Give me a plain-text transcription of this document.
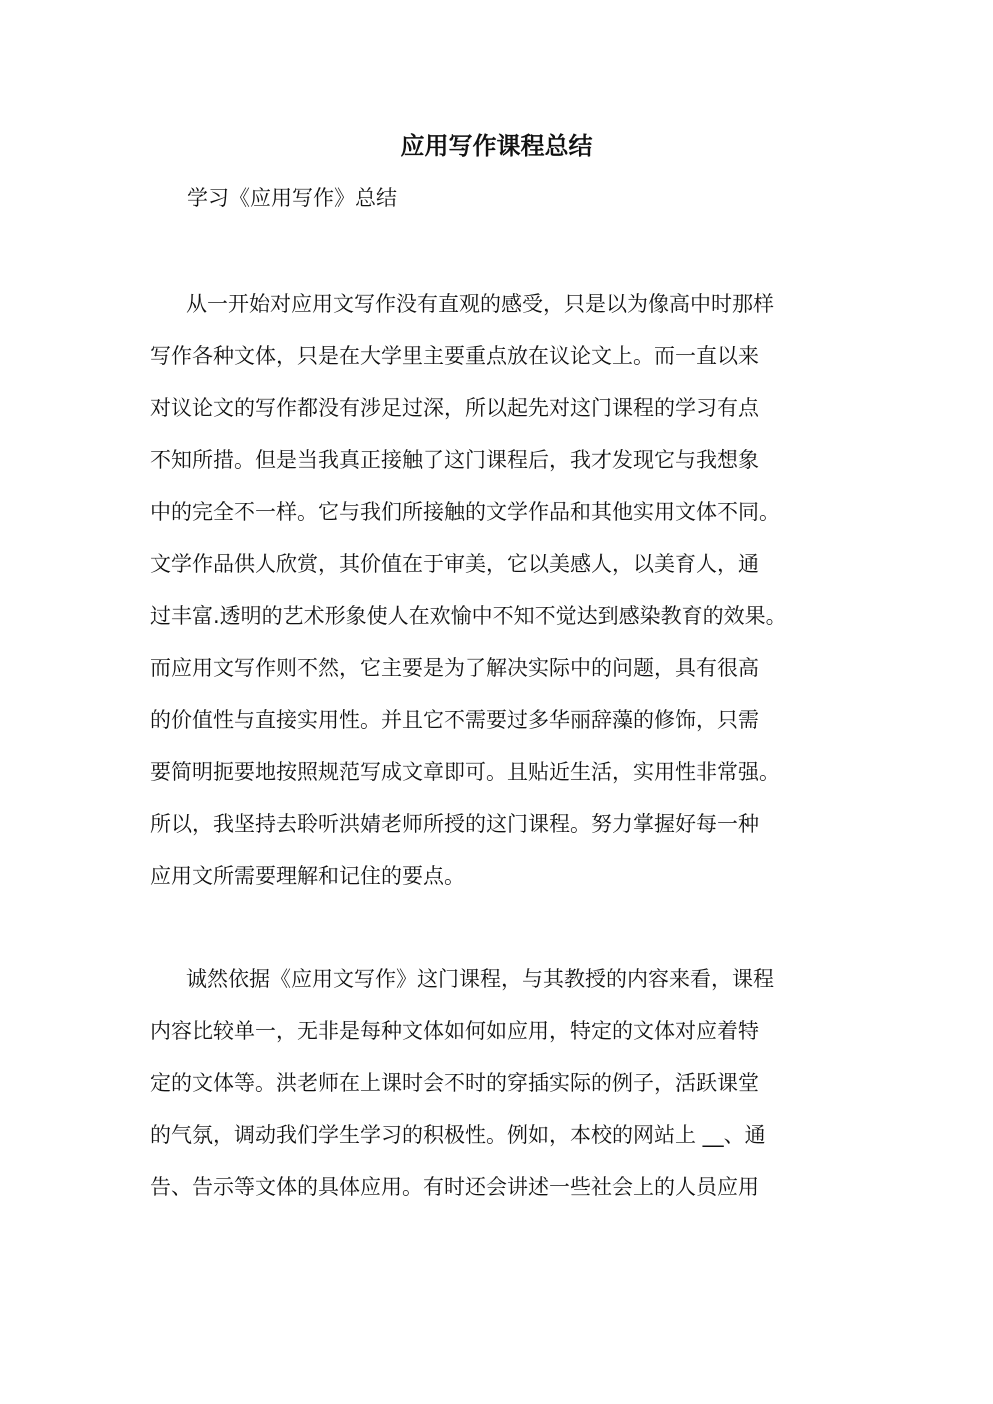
应用写作课程总结
学习《应用写作》总结
从一开始对应用文写作没有直观的感受，只是以为像高中时那样
写作各种文体，只是在大学里主要重点放在议论文上。而一直以来
对议论文的写作都没有涉足过深，所以起先对这门课程的学习有点
不知所措。但是当我真正接触了这门课程后，我才发现它与我想象
中的完全不一样。它与我们所接触的文学作品和其他实用文体不同。
文学作品供人欣赏，其价值在于审美，它以美感人，以美育人，通
过丰富.透明的艺术形象使人在欢愉中不知不觉达到感染教育的效果。
而应用文写作则不然，它主要是为了解决实际中的问题，具有很高
的价值性与直接实用性。并且它不需要过多华丽辞藻的修饰，只需
要简明扼要地按照规范写成文章即可。且贴近生活，实用性非常强。
所以，我坚持去聆听洪婧老师所授的这门课程。努力掌握好每一种
应用文所需要理解和记住的要点。
诚然依据《应用文写作》这门课程，与其教授的内容来看，课程
内容比较单一，无非是每种文体如何如应用，特定的文体对应着特
定的文体等。洪老师在上课时会不时的穿插实际的例子，活跃课堂
的气氛，调动我们学生学习的积极性。例如，本校的网站上 __、通
告、告示等文体的具体应用。有时还会讲述一些社会上的人员应用
